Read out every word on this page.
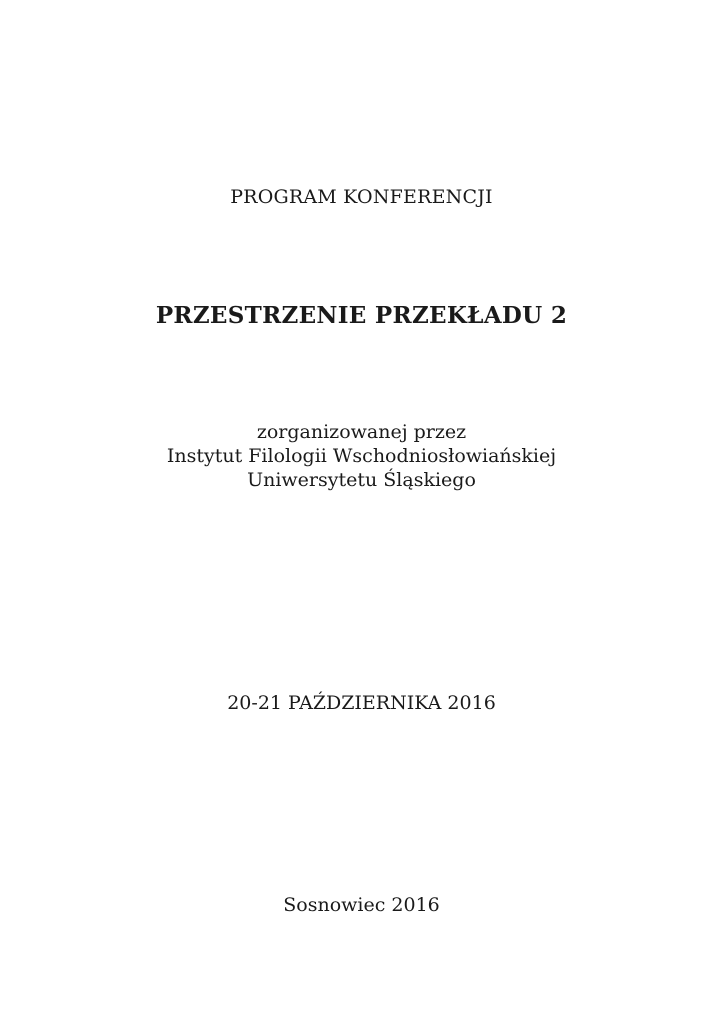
PROGRAM KONFERENCJI
PRZESTRZENIE PRZEKŁADU 2
zorganizowanej przez
Instytut Filologii Wschodniosłowiańskiej
Uniwersytetu Śląskiego
20-21 PAŹDZIERNIKA 2016
Sosnowiec 2016
